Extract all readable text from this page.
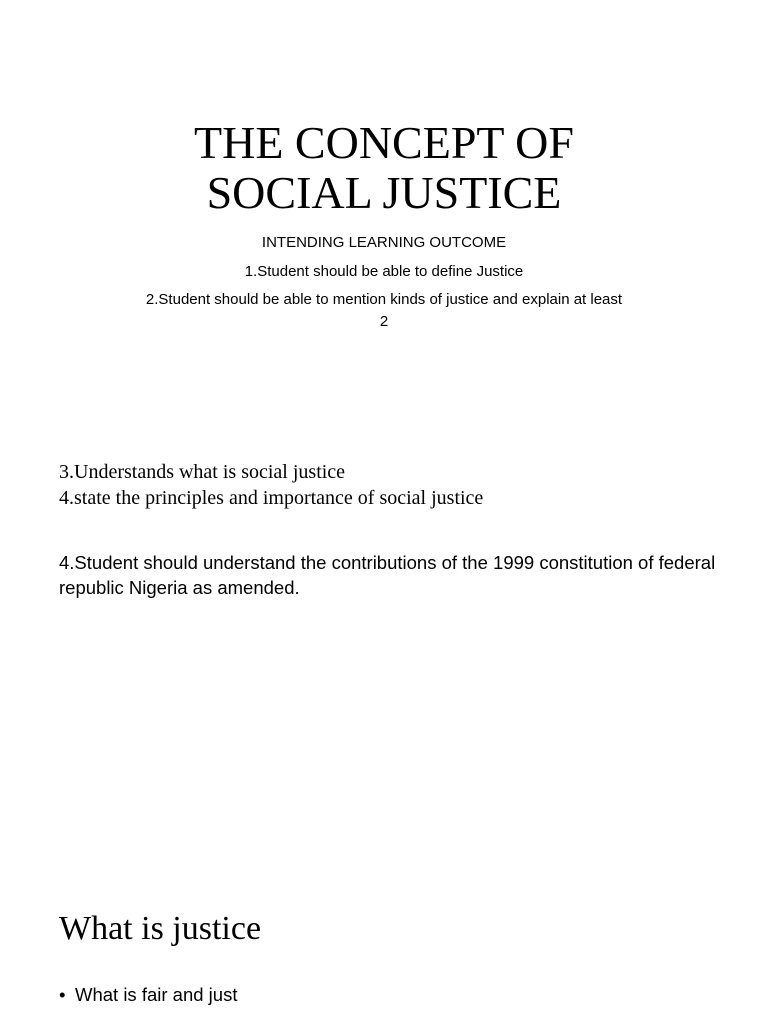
THE CONCEPT OF
SOCIAL JUSTICE

INTENDING LEARNING OUTCOME

1.Student should be able to define Justice

2.Student should be able to mention kinds of justice and explain at least
2

3.Understands what is social justice

4.state the principles and importance of social justice

4.Student should understand the contributions of the 1999 constitution of federal republic Nigeria as amended.
What is justice
• What is fair and just
